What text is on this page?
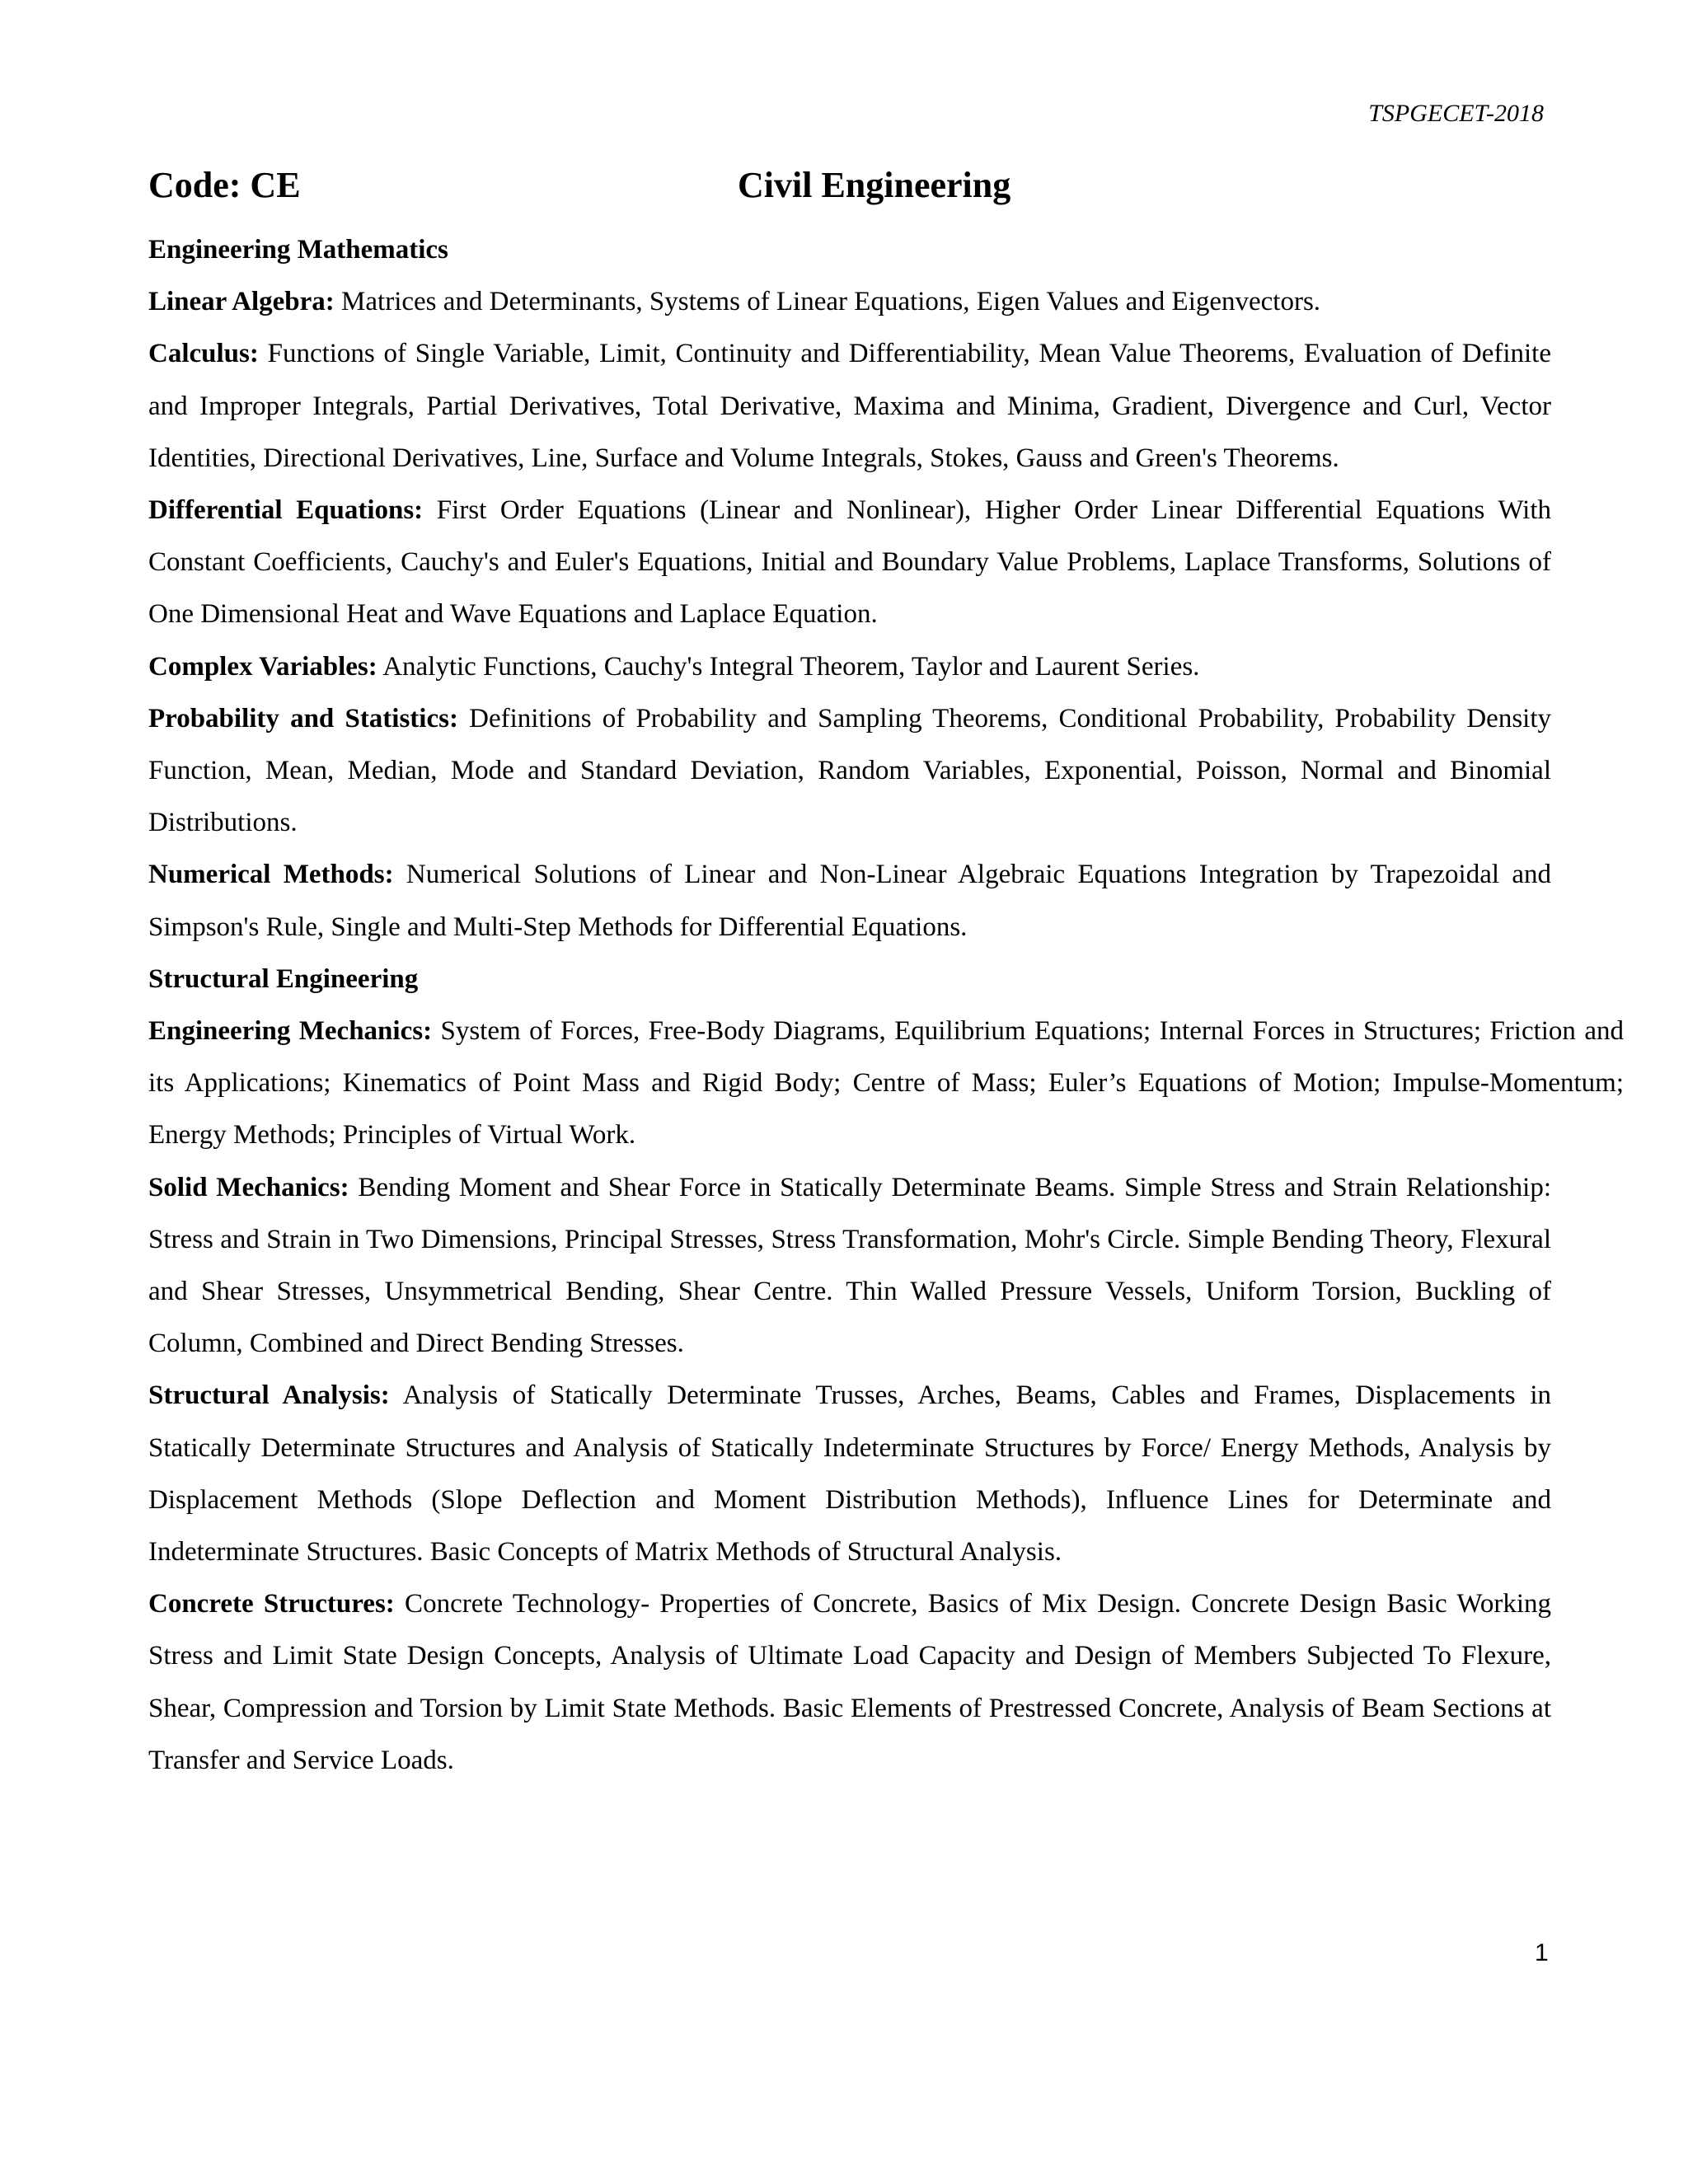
TSPGECET-2018
Code: CE	Civil Engineering
Engineering Mathematics

Linear Algebra: Matrices and Determinants, Systems of Linear Equations, Eigen Values and Eigenvectors.

Calculus: Functions of Single Variable, Limit, Continuity and Differentiability, Mean Value Theorems, Evaluation of Definite and Improper Integrals, Partial Derivatives, Total Derivative, Maxima and Minima, Gradient, Divergence and Curl, Vector Identities, Directional Derivatives, Line, Surface and Volume Integrals, Stokes, Gauss and Green's Theorems.

Differential Equations: First Order Equations (Linear and Nonlinear), Higher Order Linear Differential Equations With Constant Coefficients, Cauchy's and Euler's Equations, Initial and Boundary Value Problems, Laplace Transforms, Solutions of One Dimensional Heat and Wave Equations and Laplace Equation.

Complex Variables: Analytic Functions, Cauchy's Integral Theorem, Taylor and Laurent Series.

Probability and Statistics: Definitions of Probability and Sampling Theorems, Conditional Probability, Probability Density Function, Mean, Median, Mode and Standard Deviation, Random Variables, Exponential, Poisson, Normal and Binomial Distributions.

Numerical Methods: Numerical Solutions of Linear and Non-Linear Algebraic Equations Integration by Trapezoidal and Simpson's Rule, Single and Multi-Step Methods for Differential Equations.

Structural Engineering

Engineering Mechanics: System of Forces, Free-Body Diagrams, Equilibrium Equations; Internal Forces in Structures; Friction and its Applications; Kinematics of Point Mass and Rigid Body; Centre of Mass; Euler’s Equations of Motion; Impulse-Momentum; Energy Methods; Principles of Virtual Work.

Solid Mechanics: Bending Moment and Shear Force in Statically Determinate Beams. Simple Stress and Strain Relationship: Stress and Strain in Two Dimensions, Principal Stresses, Stress Transformation, Mohr's Circle. Simple Bending Theory, Flexural and Shear Stresses, Unsymmetrical Bending, Shear Centre. Thin Walled Pressure Vessels, Uniform Torsion, Buckling of Column, Combined and Direct Bending Stresses.

Structural Analysis: Analysis of Statically Determinate Trusses, Arches, Beams, Cables and Frames, Displacements in Statically Determinate Structures and Analysis of Statically Indeterminate Structures by Force/ Energy Methods, Analysis by Displacement Methods (Slope Deflection and Moment Distribution Methods), Influence Lines for Determinate and Indeterminate Structures. Basic Concepts of Matrix Methods of Structural Analysis.

Concrete Structures: Concrete Technology- Properties of Concrete, Basics of Mix Design. Concrete Design Basic Working Stress and Limit State Design Concepts, Analysis of Ultimate Load Capacity and Design of Members Subjected To Flexure, Shear, Compression and Torsion by Limit State Methods. Basic Elements of Prestressed Concrete, Analysis of Beam Sections at Transfer and Service Loads.

1
